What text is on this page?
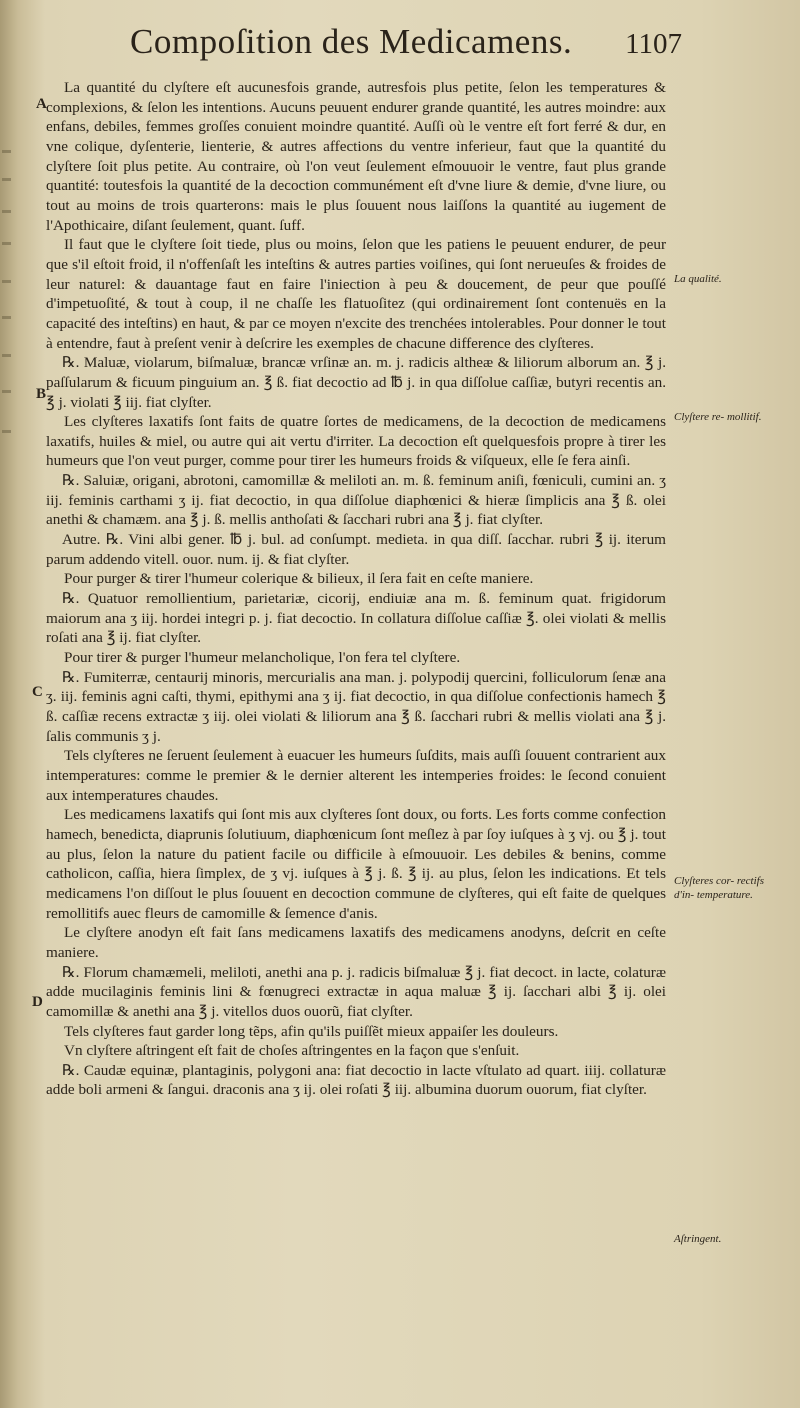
Compoſition des Medicamens. 1107
A
B
C
D

La quantité du clyſtere eſt aucunesfois grande, autresfois plus petite, ſelon les temperatures & complexions, & ſelon les intentions. Aucuns peuuent endurer grande quantité, les autres moindre: aux enfans, debiles, femmes groſſes conuient moindre quantité. Auſſi où le ventre eſt fort ferré & dur, en vne colique, dyſenterie, lienterie, & autres affections du ventre inferieur, faut que la quantité du clyſtere ſoit plus petite. Au contraire, où l'on veut ſeulement eſmouuoir le ventre, faut plus grande quantité: toutesfois la quantité de la decoction communément eſt d'vne liure & demie, d'vne liure, ou tout au moins de trois quarterons: mais le plus ſouuent nous laiſſons la quantité au iugement de l'Apothicaire, diſant ſeulement, quant. ſuff.

Il faut que le clyſtere ſoit tiede, plus ou moins, ſelon que les patiens le peuuent endurer, de peur que s'il eſtoit froid, il n'offenſaſt les inteſtins & autres parties voiſines, qui ſont nerueuſes & froides de leur naturel: & dauantage faut en faire l'iniection à peu & doucement, de peur que pouſſé d'impetuoſité, & tout à coup, il ne chaſſe les flatuoſitez (qui ordinairement ſont contenuës en la capacité des inteſtins) en haut, & par ce moyen n'excite des trenchées intolerables. Pour donner le tout à entendre, faut à preſent venir à deſcrire les exemples de chacune difference des clyſteres.

℞. Maluæ, violarum, biſmaluæ, brancæ vrſinæ an. m. j. radicis altheæ & liliorum alborum an. ℥ j. paſſularum & ficuum pinguium an. ℥ ß. fiat decoctio ad ℔ j. in qua diſſolue caſſiæ, butyri recentis an. ℥ j. violati ℥ iij. fiat clyſter.

Les clyſteres laxatifs ſont faits de quatre ſortes de medicamens, de la decoction de medicamens laxatifs, huiles & miel, ou autre qui ait vertu d'irriter. La decoction eſt quelquesfois propre à tirer les humeurs que l'on veut purger, comme pour tirer les humeurs froids & viſqueux, elle ſe fera ainſi.

℞. Saluiæ, origani, abrotoni, camomillæ & meliloti an. m. ß. feminum aniſi, fœniculi, cumini an. ʒ iij. feminis carthami ʒ ij. fiat decoctio, in qua diſſolue diaphœnici & hieræ ſimplicis ana ℥ ß. olei anethi & chamæm. ana ℥ j. ß. mellis anthoſati & ſacchari rubri ana ℥ j. fiat clyſter.

Autre. ℞. Vini albi gener. ℔ j. bul. ad conſumpt. medieta. in qua diſſ. ſacchar. rubri ℥ ij. iterum parum addendo vitell. ouor. num. ij. & fiat clyſter.

Pour purger & tirer l'humeur colerique & bilieux, il ſera fait en ceſte maniere.

℞. Quatuor remollientium, parietariæ, cicorij, endiuiæ ana m. ß. feminum quat. frigidorum maiorum ana ʒ iij. hordei integri p. j. fiat decoctio. In collatura diſſolue caſſiæ ℥. olei violati & mellis roſati ana ℥ ij. fiat clyſter.

Pour tirer & purger l'humeur melancholique, l'on fera tel clyſtere.

℞. Fumiterræ, centaurij minoris, mercurialis ana man. j. polypodij quercini, folliculorum ſenæ ana ʒ. iij. feminis agni caſti, thymi, epithymi ana ʒ ij. fiat decoctio, in qua diſſolue confectionis hamech ℥ ß. caſſiæ recens extractæ ʒ iij. olei violati & liliorum ana ℥ ß. ſacchari rubri & mellis violati ana ℥ j. ſalis communis ʒ j.

Tels clyſteres ne ſeruent ſeulement à euacuer les humeurs ſuſdits, mais auſſi ſouuent contrarient aux intemperatures: comme le premier & le dernier alterent les intemperies froides: le ſecond conuient aux intemperatures chaudes.

Les medicamens laxatifs qui ſont mis aux clyſteres ſont doux, ou forts. Les forts comme confection hamech, benedicta, diaprunis ſolutiuum, diaphœnicum ſont meſlez à par ſoy iuſques à ʒ vj. ou ℥ j. tout au plus, ſelon la nature du patient facile ou difficile à eſmouuoir. Les debiles & benins, comme catholicon, caſſia, hiera ſimplex, de ʒ vj. iuſques à ℥ j. ß. ℥ ij. au plus, ſelon les indications. Et tels medicamens l'on diſſout le plus ſouuent en decoction commune de clyſteres, qui eſt faite de quelques remollitifs auec fleurs de camomille & ſemence d'anis.

Le clyſtere anodyn eſt fait ſans medicamens laxatifs des medicamens anodyns, deſcrit en ceſte maniere.

℞. Florum chamæmeli, meliloti, anethi ana p. j. radicis biſmaluæ ℥ j. fiat decoct. in lacte, colaturæ adde mucilaginis feminis lini & fœnugreci extractæ in aqua maluæ ℥ ij. ſacchari albi ℥ ij. olei camomillæ & anethi ana ℥ j. vitellos duos ouorũ, fiat clyſter.

Tels clyſteres faut garder long tẽps, afin qu'ils puiſſẽt mieux appaiſer les douleurs.

Vn clyſtere aſtringent eſt fait de choſes aſtringentes en la façon que s'enſuit.

℞. Caudæ equinæ, plantaginis, polygoni ana: fiat decoctio in lacte vſtulato ad quart. iiij. collaturæ adde boli armeni & ſangui. draconis ana ʒ ij. olei roſati ℥ iij. albumina duorum ouorum, fiat clyſter.

La qualité.
Clyſtere re- mollitif.
Clyſteres cor- rectifs d'in- temperature.
Aſtringent.
